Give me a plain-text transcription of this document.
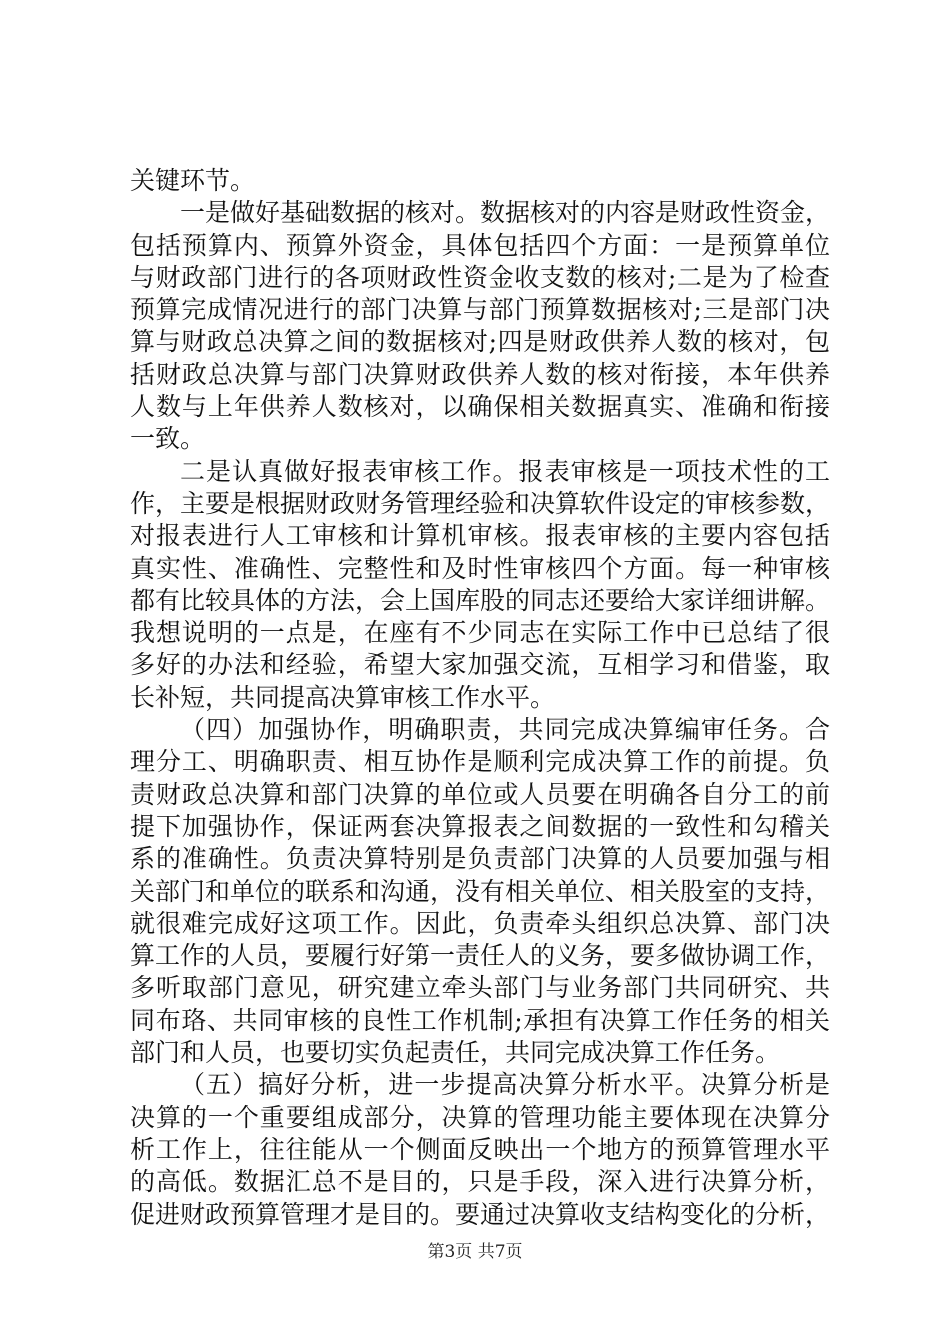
关键环节。
一是做好基础数据的核对。数据核对的内容是财政性资金，
包括预算内、预算外资金，具体包括四个方面：一是预算单位
与财政部门进行的各项财政性资金收支数的核对;二是为了检查
预算完成情况进行的部门决算与部门预算数据核对;三是部门决
算与财政总决算之间的数据核对;四是财政供养人数的核对，包
括财政总决算与部门决算财政供养人数的核对衔接，本年供养
人数与上年供养人数核对，以确保相关数据真实、准确和衔接
一致。
二是认真做好报表审核工作。报表审核是一项技术性的工
作，主要是根据财政财务管理经验和决算软件设定的审核参数，
对报表进行人工审核和计算机审核。报表审核的主要内容包括
真实性、准确性、完整性和及时性审核四个方面。每一种审核
都有比较具体的方法，会上国库股的同志还要给大家详细讲解。
我想说明的一点是，在座有不少同志在实际工作中已总结了很
多好的办法和经验，希望大家加强交流，互相学习和借鉴，取
长补短，共同提高决算审核工作水平。
（四）加强协作，明确职责，共同完成决算编审任务。合
理分工、明确职责、相互协作是顺利完成决算工作的前提。负
责财政总决算和部门决算的单位或人员要在明确各自分工的前
提下加强协作，保证两套决算报表之间数据的一致性和勾稽关
系的准确性。负责决算特别是负责部门决算的人员要加强与相
关部门和单位的联系和沟通，没有相关单位、相关股室的支持，
就很难完成好这项工作。因此，负责牵头组织总决算、部门决
算工作的人员，要履行好第一责任人的义务，要多做协调工作，
多听取部门意见，研究建立牵头部门与业务部门共同研究、共
同布珞、共同审核的良性工作机制;承担有决算工作任务的相关
部门和人员，也要切实负起责任，共同完成决算工作任务。
（五）搞好分析，进一步提高决算分析水平。决算分析是
决算的一个重要组成部分，决算的管理功能主要体现在决算分
析工作上，往往能从一个侧面反映出一个地方的预算管理水平
的高低。数据汇总不是目的，只是手段，深入进行决算分析，
促进财政预算管理才是目的。要通过决算收支结构变化的分析，
第3页 共7页
